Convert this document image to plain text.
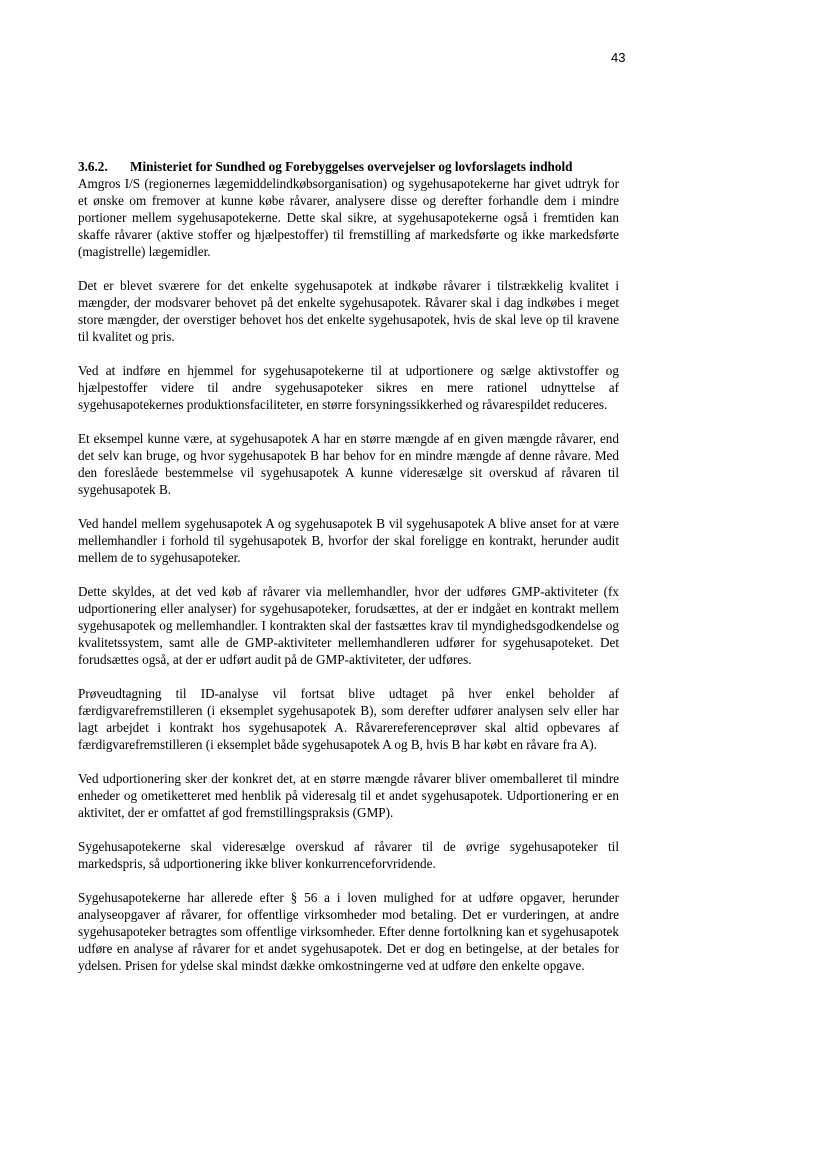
43

3.6.2. Ministeriet for Sundhed og Forebyggelses overvejelser og lovforslagets indhold

Amgros I/S (regionernes lægemiddelindkøbsorganisation) og sygehusapotekerne har givet udtryk for et ønske om fremover at kunne købe råvarer, analysere disse og derefter forhandle dem i mindre portioner mellem sygehusapotekerne. Dette skal sikre, at sygehusapotekerne også i fremtiden kan skaffe råvarer (aktive stoffer og hjælpestoffer) til fremstilling af markedsførte og ikke markedsførte (magistrelle) lægemidler.

Det er blevet sværere for det enkelte sygehusapotek at indkøbe råvarer i tilstrækkelig kvalitet i mængder, der modsvarer behovet på det enkelte sygehusapotek. Råvarer skal i dag indkøbes i meget store mængder, der overstiger behovet hos det enkelte sygehusapotek, hvis de skal leve op til kravene til kvalitet og pris.

Ved at indføre en hjemmel for sygehusapotekerne til at udportionere og sælge aktivstoffer og hjælpestoffer videre til andre sygehusapoteker sikres en mere rationel udnyttelse af sygehusapotekernes produktionsfaciliteter, en større forsyningssikkerhed og råvarespildet reduceres.

Et eksempel kunne være, at sygehusapotek A har en større mængde af en given mængde råvarer, end det selv kan bruge, og hvor sygehusapotek B har behov for en mindre mængde af denne råvare. Med den foreslåede bestemmelse vil sygehusapotek A kunne videresælge sit overskud af råvaren til sygehusapotek B.

Ved handel mellem sygehusapotek A og sygehusapotek B vil sygehusapotek A blive anset for at være mellemhandler i forhold til sygehusapotek B, hvorfor der skal foreligge en kontrakt, herunder audit mellem de to sygehusapoteker.

Dette skyldes, at det ved køb af råvarer via mellemhandler, hvor der udføres GMP-aktiviteter (fx udportionering eller analyser) for sygehusapoteker, forudsættes, at der er indgået en kontrakt mellem sygehusapotek og mellemhandler. I kontrakten skal der fastsættes krav til myndighedsgodkendelse og kvalitetssystem, samt alle de GMP-aktiviteter mellemhandleren udfører for sygehusapoteket. Det forudsættes også, at der er udført audit på de GMP-aktiviteter, der udføres.

Prøveudtagning til ID-analyse vil fortsat blive udtaget på hver enkel beholder af færdigvarefremstilleren (i eksemplet sygehusapotek B), som derefter udfører analysen selv eller har lagt arbejdet i kontrakt hos sygehusapotek A. Råvarereferenceprøver skal altid opbevares af færdigvarefremstilleren (i eksemplet både sygehusapotek A og B, hvis B har købt en råvare fra A).

Ved udportionering sker der konkret det, at en større mængde råvarer bliver omemballeret til mindre enheder og ometiketteret med henblik på videresalg til et andet sygehusapotek. Udportionering er en aktivitet, der er omfattet af god fremstillingspraksis (GMP).

Sygehusapotekerne skal videresælge overskud af råvarer til de øvrige sygehusapoteker til markedspris, så udportionering ikke bliver konkurrenceforvridende.

Sygehusapotekerne har allerede efter § 56 a i loven mulighed for at udføre opgaver, herunder analyseopgaver af råvarer, for offentlige virksomheder mod betaling. Det er vurderingen, at andre sygehusapoteker betragtes som offentlige virksomheder. Efter denne fortolkning kan et sygehusapotek udføre en analyse af råvarer for et andet sygehusapotek. Det er dog en betingelse, at der betales for ydelsen. Prisen for ydelse skal mindst dække omkostningerne ved at udføre den enkelte opgave.
